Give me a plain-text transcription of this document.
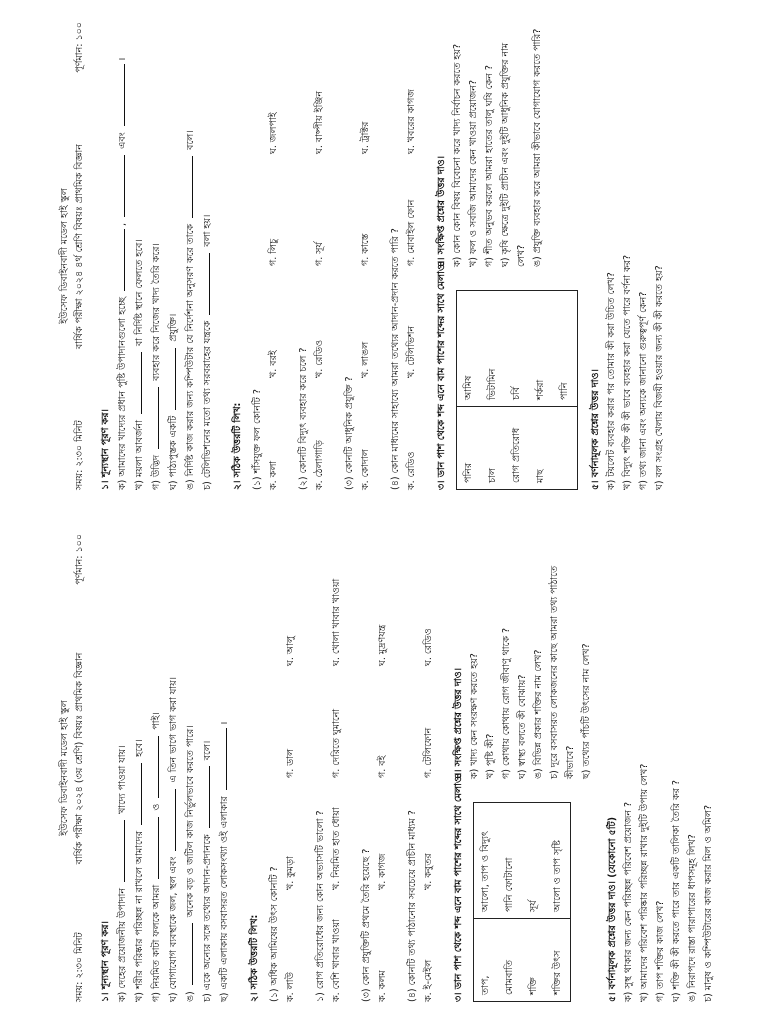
ইউসেফ ডিবাইনবাদী মডেল হাই স্কুল
সময়: ২:৩০ মিনিট
বার্ষিক পরীক্ষা ২০২৪ (৩য় শ্রেণি) বিষয়ঃ প্রাথমিক বিজ্ঞান
পূর্ণমান: ১০০
১। শূন্যস্থান পূরণ কর। ক) দেহের প্রয়োজনীয় উপাদান  খাদ্যে পাওয়া যায়।
খ) শরীর পরিষ্কার পরিচ্ছন্ন না রাখলে আমাদের  হবে।
গ) নিয়মিত কাটা ফলকে আমরা  ও  পাই।
ঘ) যোগাযোগ ব্যবস্থাকে জল, স্থল এবং  এ তিন ভাগে ভাগ করা যায়।
ঙ)  অনেক বড় ও জটিল কাজ নির্ভুলভাবে করতে পারে। চ) একে অন্যের সঙ্গে তথ্যের আদান-প্রদানকে  বলে।
ছ) একটি এলাকায় বসবাসরত লোকসংখ্যা ওই এলাকার ।
২। সঠিক উত্তরটি লিখ: (১) অধিক আমিষের উৎস কোনটি ? ক. লাউ
খ. কুমড়া
গ. ডাল
ঘ. আলু
১) রোগ প্রতিরোধের জন্য কোন অভ্যাসটি ভালো ? ক. বেশি খাবার খাওয়া
খ. নিয়মিত হাত ধোয়া
গ. দেরিতে ঘুমানো
ঘ. খোলা খাবার খাওয়া
(৩) কোন প্রযুক্তিটি প্রথমে তৈরি হয়েছে ? ক. কলম
খ. কাগজ
গ. বই
ঘ. মুদ্রণযন্ত্র
(৪) কোনটি তথ্য পাঠানোর সবচেয়ে প্রাচীন মাধ্যম ? ক. ই-মেইল
খ. কবুতর
গ. টেলিফোন
ঘ. রেডিও
৩। ডান পাশ থেকে শব্দ এনে বাম পাশের শব্দের সাথে মেলাও।	তাপ,	আলো, তাপ ও বিদ্যুৎ
মোমবাতি	পানি ফোটানো
শক্তি	সূর্য
শক্তির উৎস	আলো ও তাপ সৃষ্টি
৪। সংক্ষিপ্ত প্রশ্নের উত্তর দাও। ক) খাদ্য কেন সংরক্ষণ করতে হয়? খ) পুষ্টি কী? গ) কোথায় কোথায় রোগ জীবাণু থাকে ? ঘ) স্বাস্থ্য বলতে কী বোঝায়? ঙ) বিভিন্ন প্রকার শক্তির নাম লেখ? চ) দূরে বসবাসরত লোকজনের কাছে আমরা তথ্য পাঠাতে কীভাবে? ছ) তথ্যের পাঁচটি উৎসের নাম লেখ?
৫। বর্ণনামূলক প্রশ্নের উত্তর দাও। (যেকোনো ৫টি) ক) সুস্থ থাকার জন্য কেন পরিচ্ছন্ন পরিবেশ প্রয়োজন ? খ) আমাদের পরিবেশ পরিষ্কার পরিচ্ছন্ন রাখার দুইটি উপায় লেখ? গ) তাপ শক্তির কাজ লেখ? ঘ) শক্তি কী কী করতে পারে তার একটি তালিকা তৈরি কর ? ঙ) নিরাপদে রাস্তা পারাপারের ধাপসমূহ লিখ? চ) মানুষ ও কম্পিউটারের কাজ করার মিল ও অমিল?
ইউসেফ ডিবাইনবাদী মডেল হাই স্কুল
সময়: ২:৩০ মিনিট
বার্ষিক পরীক্ষা ২০২৪ ৪র্থ শ্রেণি বিষয়ঃ প্রাথমিক বিজ্ঞান
পূর্ণমান: ১০০
১। শূন্যস্থান পূরণ কর। ক) আমাদের খাদ্যের প্রধান পুষ্টি উপাদানগুলো হচ্ছে ,  এবং ।
খ) ময়লা আবর্জনা  বা নির্দিষ্ট স্থানে ফেলতে হবে।
গ) উদ্ভিদ  ব্যবহার করে নিজের খাদ্য তৈরি করে।
ঘ) পাঠ্যপুস্তক একটি  প্রযুক্তি। ঙ) নির্দিষ্ট কাজ করার জন্য কম্পিউটার যে নির্দেশনা অনুসরণ করে তাকে  বলে।
চ) টেলিভিশনের মতো তথ্য সরবরাহের যন্ত্রকে  বলা হয়।
২। সঠিক উত্তরটি লিখ: (১) শাঁসযুক্ত ফল কোনটি ? ক. কলা
খ. বরই
গ. লিচু
ঘ. জলপাই
(২) কোনটি বিদ্যুৎ ব্যবহার করে চলে ? ক. ঠেলাগাড়ি
খ. রেডিও
গ. সূর্য
ঘ. বাষ্পীয় ইঞ্জিন
(৩) কোনটি আধুনিক প্রযুক্তি ? ক. কোদাল
খ. লাঙল
গ. কাস্তে
ঘ. ট্রাক্টর
(৪) কোন মাধ্যমের সাহায্যে আমরা তথ্যের আদান-প্রদান করতে পারি ? ক. রেডিও
খ. টেলিভিশন
গ. মোবাইল ফোন
ঘ. খবরের কাগজ
৩। ডান পাশ থেকে শব্দ এনে বাম পাশের শব্দের সাথে মেলাও।	পনির	আমিষ
চাল	ভিটামিন
রোগ প্রতিরোধ	চর্বি
মাছ	শর্করা
	পানি
৪। সংক্ষিপ্ত প্রশ্নের উত্তর দাও। ক) কোন কোন বিষয় বিবেচনা করে খাদ্য নির্বাচন করতে হয়? খ) ফল ও সবজি আমাদের কেন খাওয়া প্রয়োজন? গ) শীত অনুভব করলে আমরা হাতের তালু ঘষি কেন ? ঘ) কৃষি ক্ষেত্রে দুইটি প্রাচীন এবং দুইটি আধুনিক প্রযুক্তির নাম লেখ? ঙ) প্রযুক্তি ব্যবহার করে আমরা কীভাবে যোগাযোগ করতে পারি?
৫। বর্ণনামূলক প্রশ্নের উত্তর দাও। ক) টয়লেট ব্যবহার করার পর তোমার কী করা উচিত লেখ? খ) বিদ্যুৎ শক্তি কী কী ভাবে ব্যবহার করা যেতে পারে বর্ণনা কর? গ) তথ্য জানা এবং অন্যকে জানানো গুরুত্বপূর্ণ কেন? ঘ) বল সংগ্রহ খেলায় বিজয়ী হওয়ার জন্য কী কী করতে হয়?
